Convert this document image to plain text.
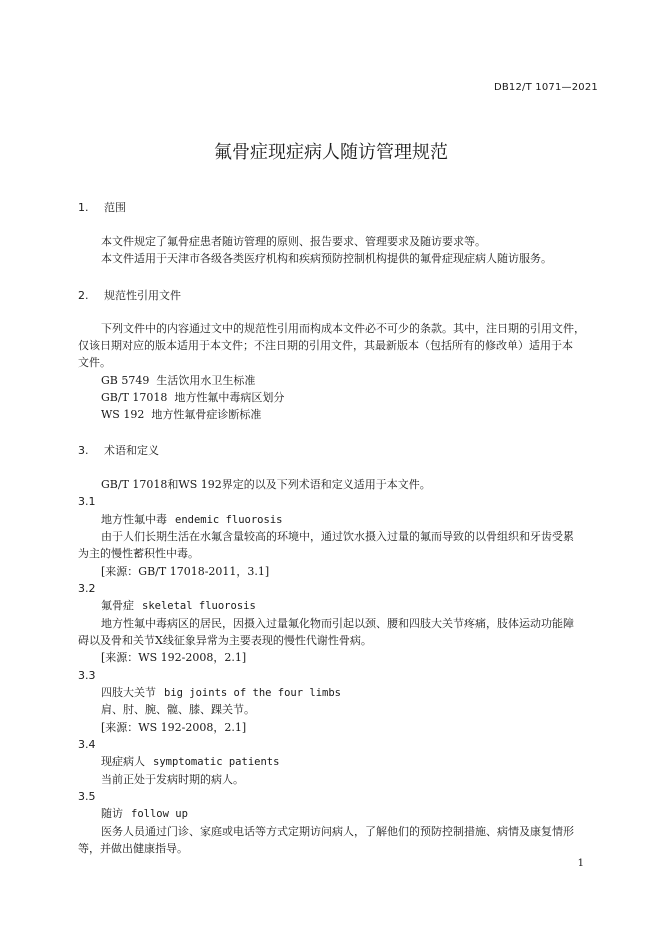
DB12/T 1071—2021
氟骨症现症病人随访管理规范
1. 范围
本文件规定了氟骨症患者随访管理的原则、报告要求、管理要求及随访要求等。
本文件适用于天津市各级各类医疗机构和疾病预防控制机构提供的氟骨症现症病人随访服务。
2. 规范性引用文件
下列文件中的内容通过文中的规范性引用而构成本文件必不可少的条款。其中，注日期的引用文件，
仅该日期对应的版本适用于本文件；不注日期的引用文件，其最新版本（包括所有的修改单）适用于本
文件。
GB 5749  生活饮用水卫生标准
GB/T 17018  地方性氟中毒病区划分
WS 192  地方性氟骨症诊断标准
3. 术语和定义
GB/T 17018和WS 192界定的以及下列术语和定义适用于本文件。
3.1
地方性氟中毒 endemic fluorosis
由于人们长期生活在水氟含量较高的环境中，通过饮水摄入过量的氟而导致的以骨组织和牙齿受累
为主的慢性蓄积性中毒。
[来源：GB/T 17018-2011，3.1]
3.2
氟骨症 skeletal fluorosis
地方性氟中毒病区的居民，因摄入过量氟化物而引起以颈、腰和四肢大关节疼痛，肢体运动功能障
碍以及骨和关节X线征象异常为主要表现的慢性代谢性骨病。
[来源：WS 192-2008，2.1]
3.3
四肢大关节 big joints of the four limbs
肩、肘、腕、髋、膝、踝关节。
[来源：WS 192-2008，2.1]
3.4
现症病人 symptomatic patients
当前正处于发病时期的病人。
3.5
随访 follow up
医务人员通过门诊、家庭或电话等方式定期访问病人，了解他们的预防控制措施、病情及康复情形
等，并做出健康指导。
1
